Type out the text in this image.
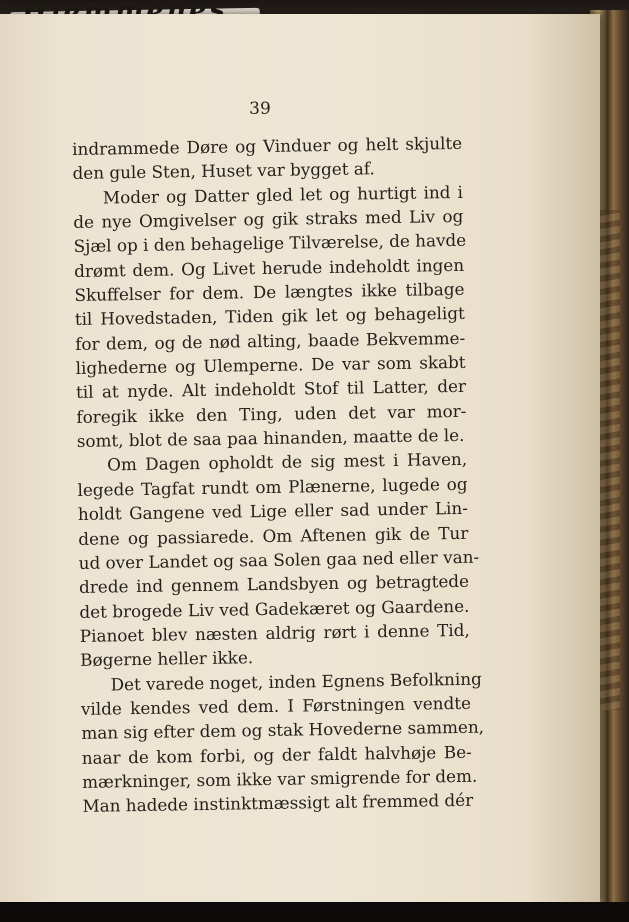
39
indrammede Døre og Vinduer og helt skjulte
den gule Sten, Huset var bygget af.
Moder og Datter gled let og hurtigt ind i
de nye Omgivelser og gik straks med Liv og
Sjæl op i den behagelige Tilværelse, de havde
drømt dem. Og Livet herude indeholdt ingen
Skuffelser for dem. De længtes ikke tilbage
til Hovedstaden, Tiden gik let og behageligt
for dem, og de nød alting, baade Bekvemme-
lighederne og Ulemperne. De var som skabt
til at nyde. Alt indeholdt Stof til Latter, der
foregik ikke den Ting, uden det var mor-
somt, blot de saa paa hinanden, maatte de le.
Om Dagen opholdt de sig mest i Haven,
legede Tagfat rundt om Plænerne, lugede og
holdt Gangene ved Lige eller sad under Lin-
dene og passiarede. Om Aftenen gik de Tur
ud over Landet og saa Solen gaa ned eller van-
drede ind gennem Landsbyen og betragtede
det brogede Liv ved Gadekæret og Gaardene.
Pianoet blev næsten aldrig rørt i denne Tid,
Bøgerne heller ikke.
Det varede noget, inden Egnens Befolkning
vilde kendes ved dem. I Førstningen vendte
man sig efter dem og stak Hovederne sammen,
naar de kom forbi, og der faldt halvhøje Be-
mærkninger, som ikke var smigrende for dem.
Man hadede instinktmæssigt alt fremmed dér
